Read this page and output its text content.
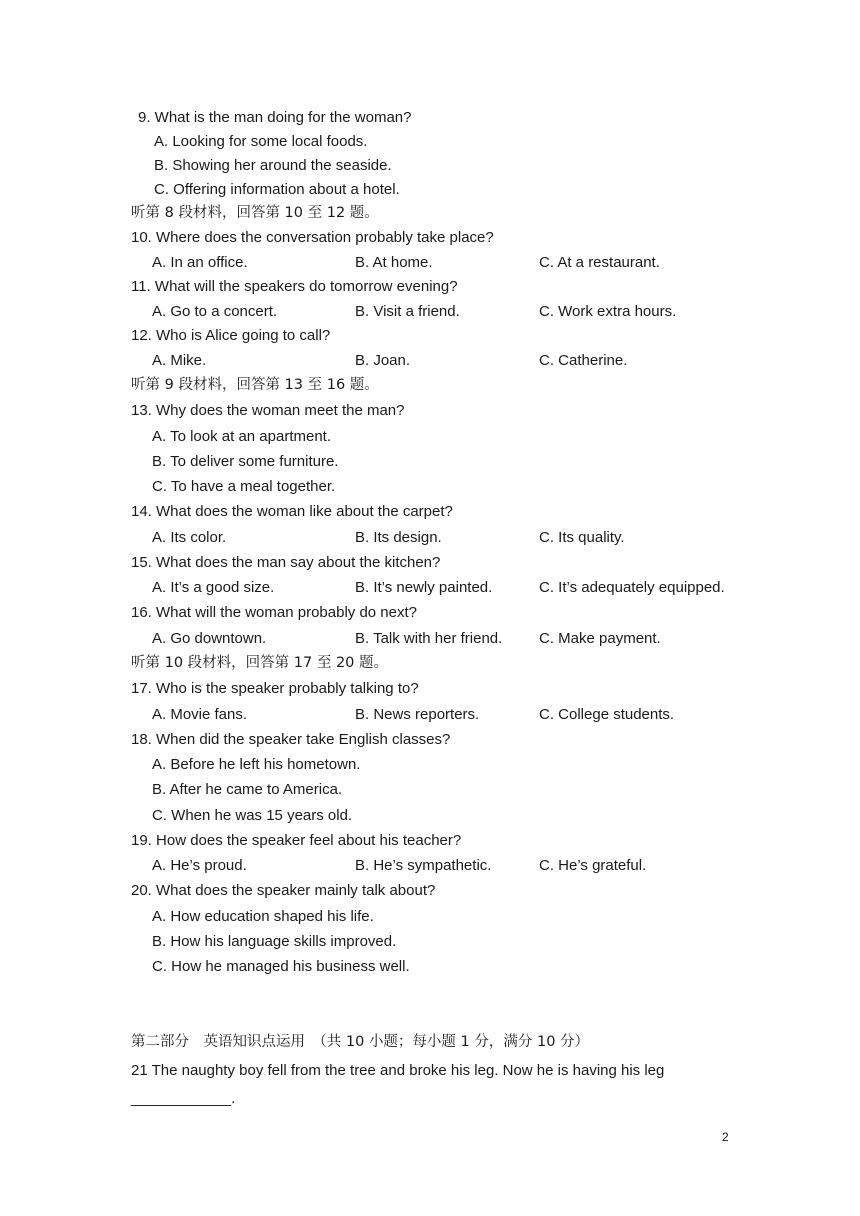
9. What is the man doing for the woman?
A. Looking for some local foods.
B. Showing her around the seaside.
C. Offering information about a hotel.
听第 8 段材料，回答第 10 至 12 题。
10. Where does the conversation probably take place?
A. In an office.	B. At home.	C. At a restaurant.
11. What will the speakers do tomorrow evening?
A. Go to a concert.	B. Visit a friend.	C. Work extra hours.
12. Who is Alice going to call?
A. Mike.	B. Joan.	C. Catherine.
听第 9 段材料，回答第 13 至 16 题。
13. Why does the woman meet the man?
A. To look at an apartment.
B. To deliver some furniture.
C. To have a meal together.
14. What does the woman like about the carpet?
A. Its color.	B. Its design.	C. Its quality.
15. What does the man say about the kitchen?
A. It’s a good size.	B. It’s newly painted.	C. It’s adequately equipped.
16. What will the woman probably do next?
A. Go downtown.	B. Talk with her friend. C. Make payment.
听第 10 段材料，回答第 17 至 20 题。
17. Who is the speaker probably talking to?
A. Movie fans.	B. News reporters.	C. College students.
18. When did the speaker take English classes?
A. Before he left his hometown.
B. After he came to America.
C. When he was 15 years old.
19. How does the speaker feel about his teacher?
A. He’s proud.	B. He’s sympathetic.	C. He’s grateful.
20. What does the speaker mainly talk about?
A. How education shaped his life.
B. How his language skills improved.
C. How he managed his business well.
第二部分　英语知识点运用　（共 10 小题；每小题 1 分，满分 10 分）
21 The naughty boy fell from the tree and broke his leg. Now he is having his leg
____________.
2
